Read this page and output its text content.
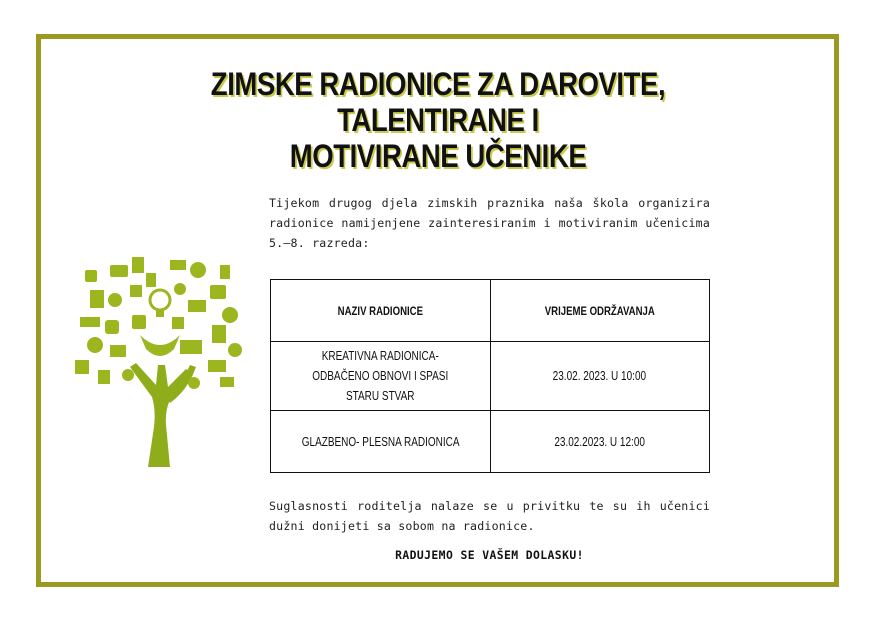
ZIMSKE RADIONICE ZA DAROVITE, TALENTIRANE I
MOTIVIRANE UČENIKE
Tijekom drugog djela zimskih praznika naša škola organizira radionice namijenjene zainteresiranim i motiviranim učenicima 5.–8. razreda:
NAZIV RADIONICE	VRIJEME ODRŽAVANJA
KREATIVNA RADIONICA- ODBAČENO OBNOVI I SPASI STARU STVAR	23.02. 2023. U 10:00
GLAZBENO- PLESNA RADIONICA	23.02.2023. U 12:00
Suglasnosti roditelja nalaze se u privitku te su ih učenici dužni donijeti sa sobom na radionice.
RADUJEMO SE VAŠEM DOLASKU!
